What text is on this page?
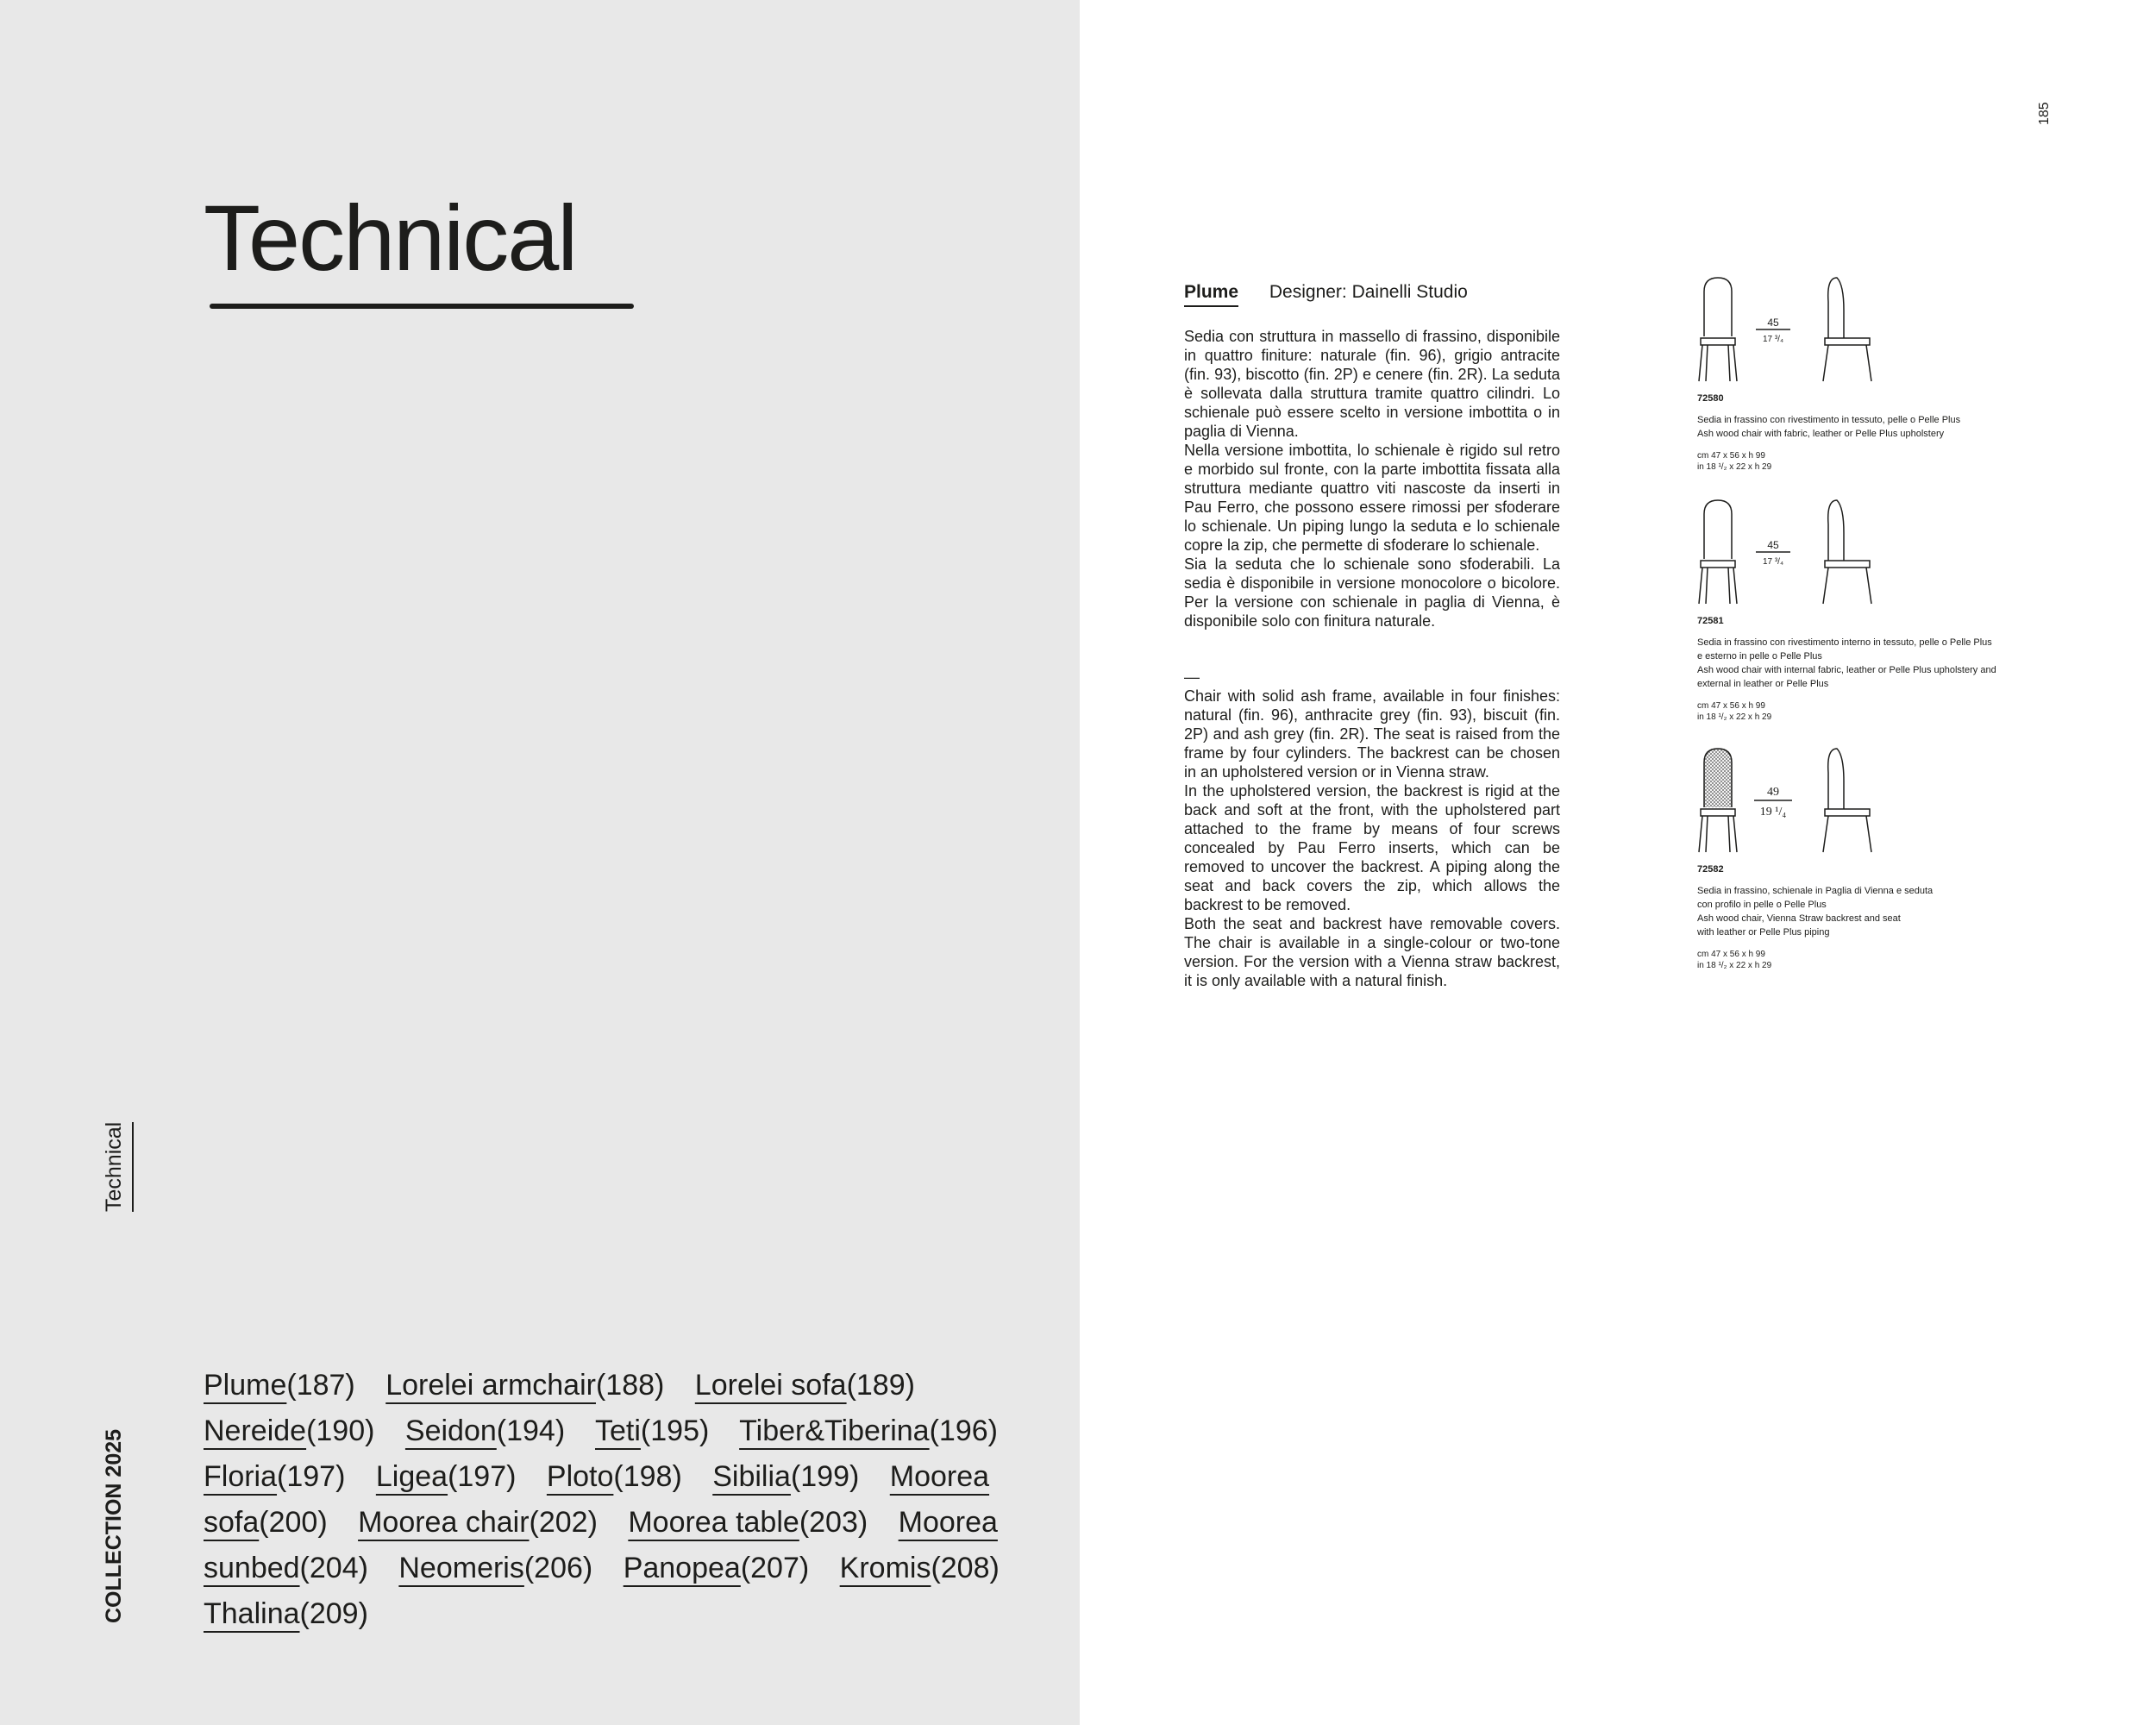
Technical
Technical
COLLECTION 2025
Plume(187) Lorelei armchair(188) Lorelei sofa(189) Nereide(190) Seidon(194) Teti(195) Tiber&Tiberina(196) Floria(197) Ligea(197) Ploto(198) Sibilia(199) Moorea sofa(200) Moorea chair(202) Moorea table(203) Moorea sunbed(204) Neomeris(206) Panopea(207) Kromis(208) Thalina(209)
185
Plume Designer: Dainelli Studio
Sedia con struttura in massello di frassino, disponibile in quattro finiture: naturale (fin. 96), grigio antracite (fin. 93), biscotto (fin. 2P) e cenere (fin. 2R). La seduta è sollevata dalla struttura tramite quattro cilindri. Lo schienale può essere scelto in versione imbottita o in paglia di Vienna.
Nella versione imbottita, lo schienale è rigido sul retro e morbido sul fronte, con la parte imbottita fissata alla struttura mediante quattro viti nascoste da inserti in Pau Ferro, che possono essere rimossi per sfoderare lo schienale. Un piping lungo la seduta e lo schienale copre la zip, che permette di sfoderare lo schienale.
Sia la seduta che lo schienale sono sfoderabili. La sedia è disponibile in versione monocolore o bicolore. Per la versione con schienale in paglia di Vienna, è disponibile solo con finitura naturale.
—
Chair with solid ash frame, available in four finishes: natural (fin. 96), anthracite grey (fin. 93), biscuit (fin. 2P) and ash grey (fin. 2R). The seat is raised from the frame by four cylinders. The backrest can be chosen in an upholstered version or in Vienna straw.
In the upholstered version, the backrest is rigid at the back and soft at the front, with the upholstered part attached to the frame by means of four screws concealed by Pau Ferro inserts, which can be removed to uncover the backrest. A piping along the seat and back covers the zip, which allows the backrest to be removed.
Both the seat and backrest have removable covers. The chair is available in a single-colour or two-tone version. For the version with a Vienna straw backrest, it is only available with a natural finish.
45
17 ³/₄
72580
Sedia in frassino con rivestimento in tessuto, pelle o Pelle Plus
Ash wood chair with fabric, leather or Pelle Plus upholstery
cm 47 x 56 x h 99
in 18 ¹/₂ x 22 x h 29
45
17 ³/₄
72581
Sedia in frassino con rivestimento interno in tessuto, pelle o Pelle Plus
e esterno in pelle o Pelle Plus
Ash wood chair with internal fabric, leather or Pelle Plus upholstery and
external in leather or Pelle Plus
cm 47 x 56 x h 99
in 18 ¹/₂ x 22 x h 29
49
19 ¹/₄
72582
Sedia in frassino, schienale in Paglia di Vienna e seduta
con profilo in pelle o Pelle Plus
Ash wood chair, Vienna Straw backrest and seat
with leather or Pelle Plus piping
cm 47 x 56 x h 99
in 18 ¹/₂ x 22 x h 29
